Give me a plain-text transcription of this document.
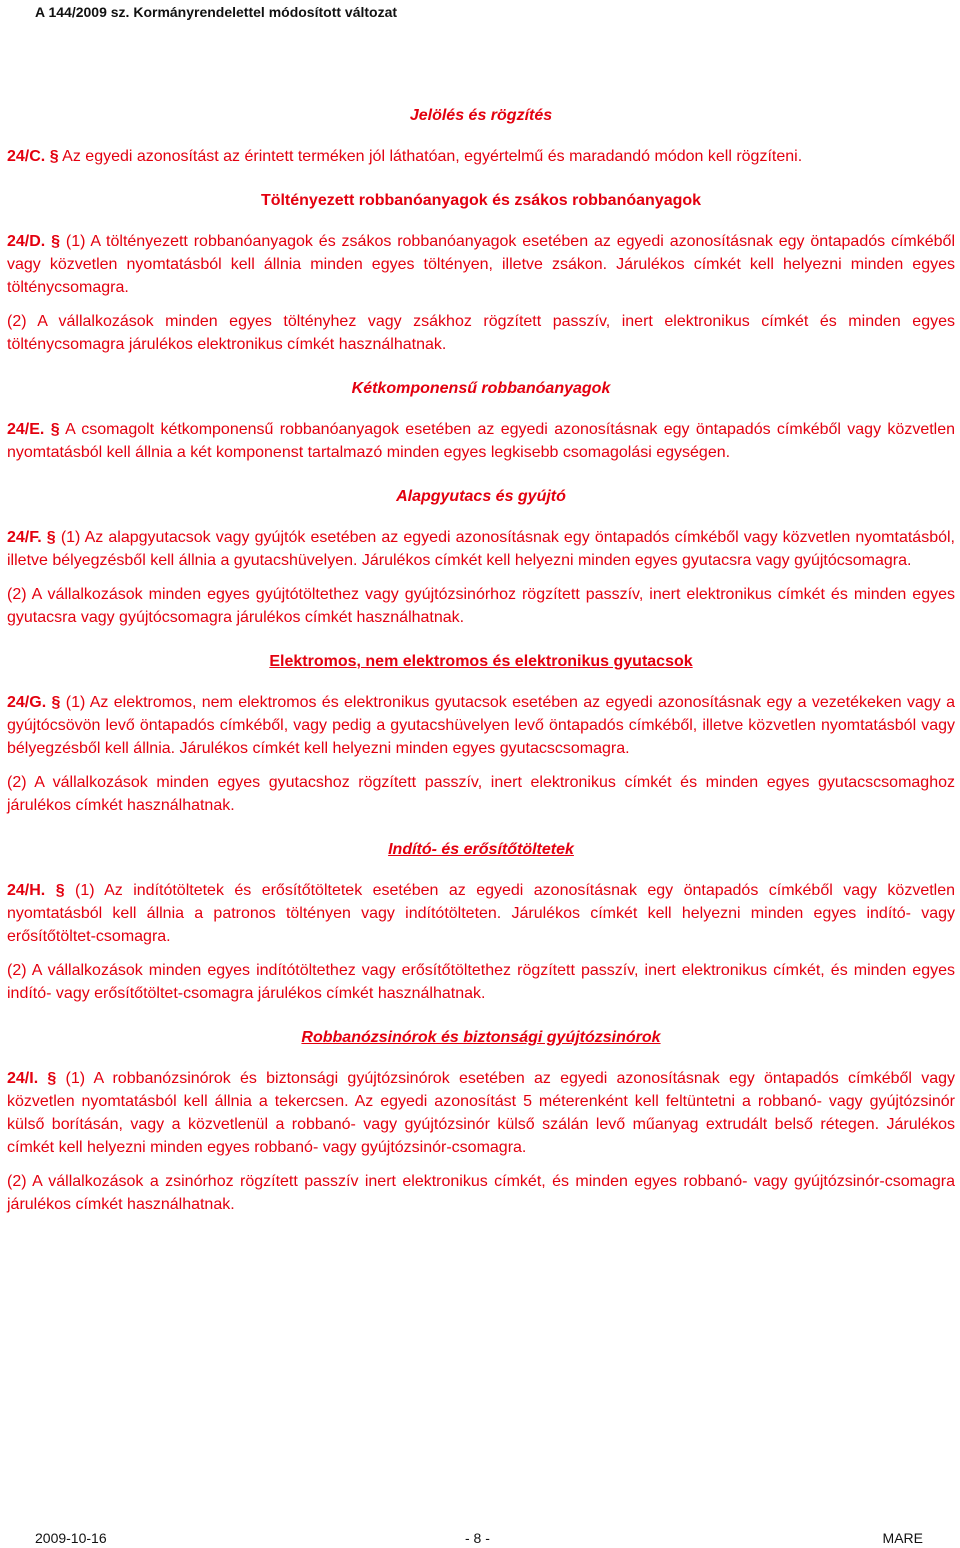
A 144/2009 sz. Kormányrendelettel módosított változat
Jelölés és rögzítés

24/C. § Az egyedi azonosítást az érintett terméken jól láthatóan, egyértelmű és maradandó módon kell rögzíteni.

Töltényezett robbanóanyagok és zsákos robbanóanyagok

24/D. § (1) A töltényezett robbanóanyagok és zsákos robbanóanyagok esetében az egyedi azonosításnak egy öntapadós címkéből vagy közvetlen nyomtatásból kell állnia minden egyes töltényen, illetve zsákon. Járulékos címkét kell helyezni minden egyes tölténycsomagra.

(2) A vállalkozások minden egyes töltényhez vagy zsákhoz rögzített passzív, inert elektronikus címkét és minden egyes tölténycsomagra járulékos elektronikus címkét használhatnak.

Kétkomponensű robbanóanyagok

24/E. § A csomagolt kétkomponensű robbanóanyagok esetében az egyedi azonosításnak egy öntapadós címkéből vagy közvetlen nyomtatásból kell állnia a két komponenst tartalmazó minden egyes legkisebb csomagolási egységen.

Alapgyutacs és gyújtó

24/F. § (1) Az alapgyutacsok vagy gyújtók esetében az egyedi azonosításnak egy öntapadós címkéből vagy közvetlen nyomtatásból, illetve bélyegzésből kell állnia a gyutacshüvelyen. Járulékos címkét kell helyezni minden egyes gyutacsra vagy gyújtócsomagra.

(2) A vállalkozások minden egyes gyújtótöltethez vagy gyújtózsinórhoz rögzített passzív, inert elektronikus címkét és minden egyes gyutacsra vagy gyújtócsomagra járulékos címkét használhatnak.

Elektromos, nem elektromos és elektronikus gyutacsok

24/G. § (1) Az elektromos, nem elektromos és elektronikus gyutacsok esetében az egyedi azonosításnak egy a vezetékeken vagy a gyújtócsövön levő öntapadós címkéből, vagy pedig a gyutacshüvelyen levő öntapadós címkéből, illetve közvetlen nyomtatásból vagy bélyegzésből kell állnia. Járulékos címkét kell helyezni minden egyes gyutacscsomagra.

(2) A vállalkozások minden egyes gyutacshoz rögzített passzív, inert elektronikus címkét és minden egyes gyutacscsomaghoz járulékos címkét használhatnak.

Indító- és erősítőtöltetek

24/H. § (1) Az indítótöltetek és erősítőtöltetek esetében az egyedi azonosításnak egy öntapadós címkéből vagy közvetlen nyomtatásból kell állnia a patronos töltényen vagy indítótölteten. Járulékos címkét kell helyezni minden egyes indító- vagy erősítőtöltet-csomagra.

(2) A vállalkozások minden egyes indítótöltethez vagy erősítőtöltethez rögzített passzív, inert elektronikus címkét, és minden egyes indító- vagy erősítőtöltet-csomagra járulékos címkét használhatnak.

Robbanózsinórok és biztonsági gyújtózsinórok

24/I. § (1) A robbanózsinórok és biztonsági gyújtózsinórok esetében az egyedi azonosításnak egy öntapadós címkéből vagy közvetlen nyomtatásból kell állnia a tekercsen. Az egyedi azonosítást 5 méterenként kell feltüntetni a robbanó- vagy gyújtózsinór külső borításán, vagy a közvetlenül a robbanó- vagy gyújtózsinór külső szálán levő műanyag extrudált belső rétegen. Járulékos címkét kell helyezni minden egyes robbanó- vagy gyújtózsinór-csomagra.

(2) A vállalkozások a zsinórhoz rögzített passzív inert elektronikus címkét, és minden egyes robbanó- vagy gyújtózsinór-csomagra járulékos címkét használhatnak.

2009-10-16	- 8 -	MARE
